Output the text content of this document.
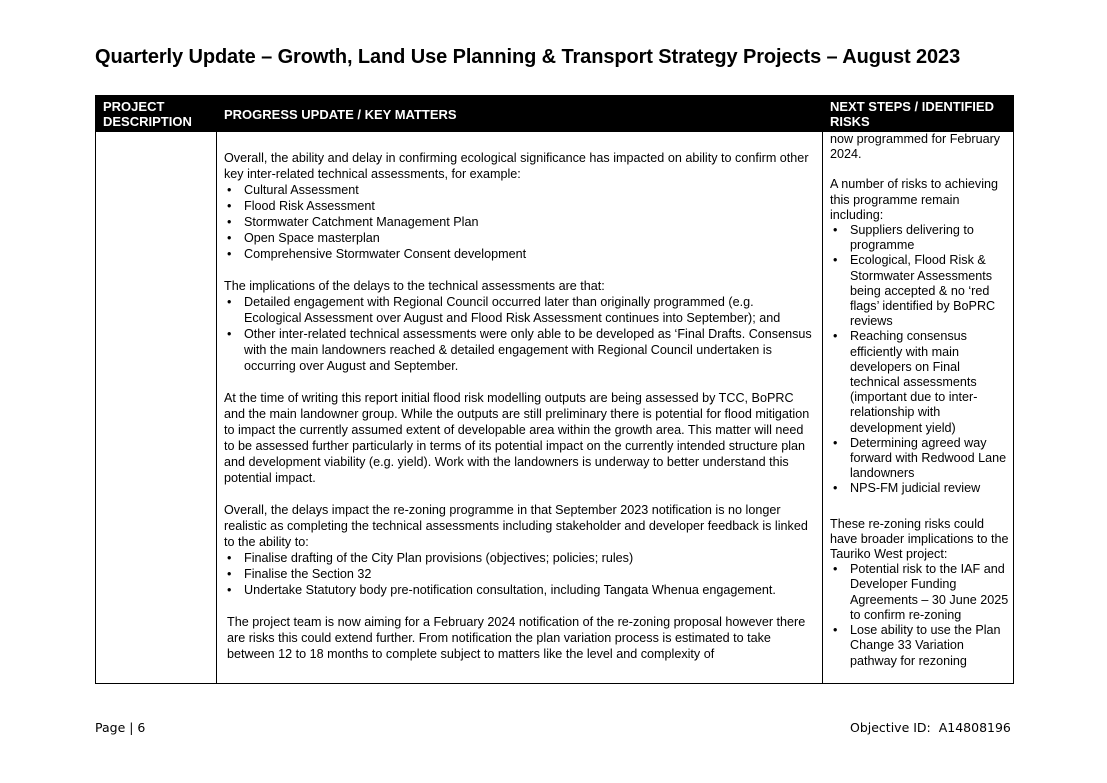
Quarterly Update – Growth, Land Use Planning & Transport Strategy Projects – August 2023
PROJECT DESCRIPTION	PROGRESS UPDATE / KEY MATTERS
NEXT STEPS / IDENTIFIED RISKS

Overall, the ability and delay in confirming ecological significance has impacted on ability to confirm other key inter-related technical assessments, for example:

• Cultural Assessment
• Flood Risk Assessment
• Stormwater Catchment Management Plan
• Open Space masterplan
• Comprehensive Stormwater Consent development

The implications of the delays to the technical assessments are that:

• Detailed engagement with Regional Council occurred later than originally programmed (e.g. Ecological Assessment over August and Flood Risk Assessment continues into September); and
• Other inter-related technical assessments were only able to be developed as ‘Final Drafts. Consensus with the main landowners reached & detailed engagement with Regional Council undertaken is occurring over August and September.

At the time of writing this report initial flood risk modelling outputs are being assessed by TCC, BoPRC and the main landowner group. While the outputs are still preliminary there is potential for flood mitigation to impact the currently assumed extent of developable area within the growth area. This matter will need to be assessed further particularly in terms of its potential impact on the currently intended structure plan and development viability (e.g. yield). Work with the landowners is underway to better understand this potential impact.

Overall, the delays impact the re-zoning programme in that September 2023 notification is no longer realistic as completing the technical assessments including stakeholder and developer feedback is linked to the ability to:

• Finalise drafting of the City Plan provisions (objectives; policies; rules)
• Finalise the Section 32
• Undertake Statutory body pre-notification consultation, including Tangata Whenua engagement.

The project team is now aiming for a February 2024 notification of the re-zoning proposal however there are risks this could extend further. From notification the plan variation process is estimated to take between 12 to 18 months to complete subject to matters like the level and complexity of

now programmed for February 2024.

A number of risks to achieving this programme remain including:

• Suppliers delivering to programme
• Ecological, Flood Risk & Stormwater Assessments being accepted & no ‘red flags’ identified by BoPRC reviews
• Reaching consensus efficiently with main developers on Final technical assessments (important due to inter-relationship with development yield)
• Determining agreed way forward with Redwood Lane landowners
• NPS-FM judicial review

These re-zoning risks could have broader implications to the Tauriko West project:

• Potential risk to the IAF and Developer Funding Agreements – 30 June 2025 to confirm re-zoning
• Lose ability to use the Plan Change 33 Variation pathway for rezoning
Page | 6	Objective ID:  A14808196
